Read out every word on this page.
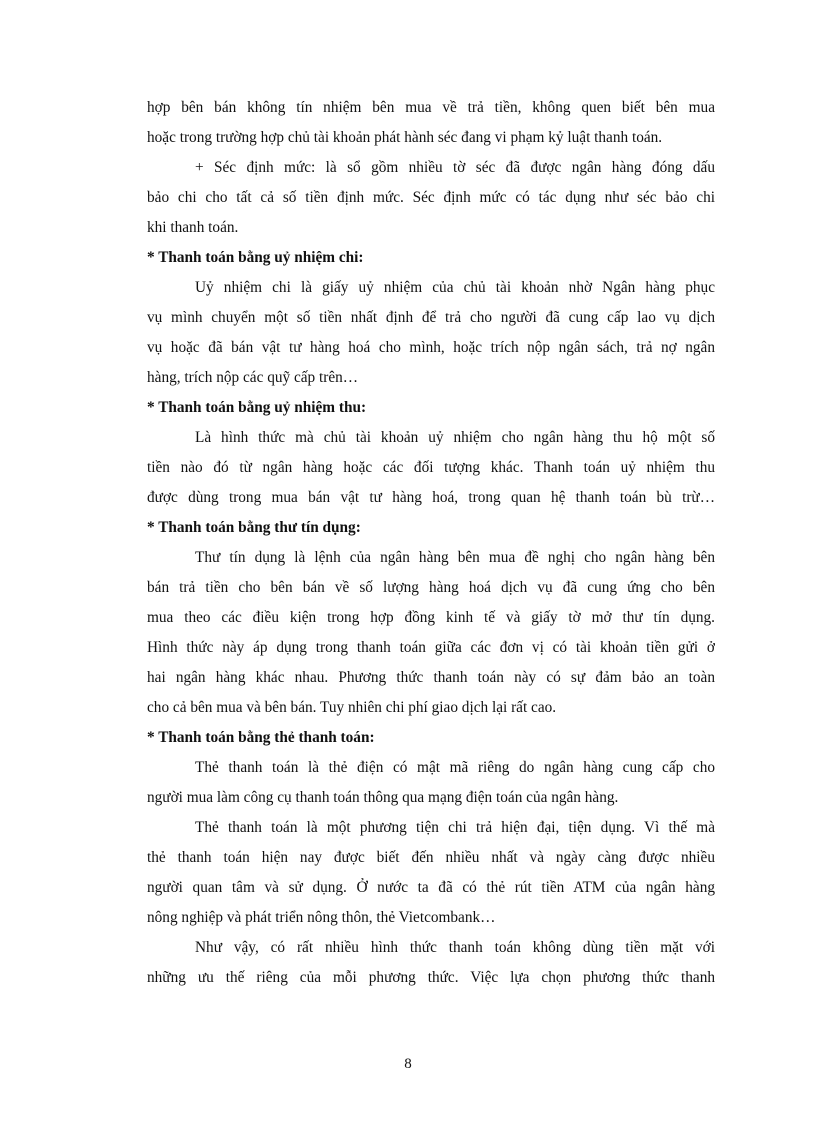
hợp bên bán không tín nhiệm bên mua về trả tiền, không quen biết bên mua
hoặc trong trường hợp chủ tài khoản phát hành séc đang vi phạm kỷ luật thanh toán.
+ Séc định mức: là sổ gồm nhiều tờ séc đã được ngân hàng đóng dấu
bảo chi cho tất cả số tiền định mức. Séc định mức có tác dụng như séc bảo chi
khi thanh toán.
* Thanh toán bằng uỷ nhiệm chi:
Uỷ nhiệm chi là giấy uỷ nhiệm của chủ tài khoản nhờ Ngân hàng phục
vụ mình chuyển một số tiền nhất định để trả cho người đã cung cấp lao vụ dịch
vụ hoặc đã bán vật tư hàng hoá cho mình, hoặc trích nộp ngân sách, trả nợ ngân
hàng, trích nộp các quỹ cấp trên…
* Thanh toán bằng uỷ nhiệm thu:
Là hình thức mà chủ tài khoản uỷ nhiệm cho ngân hàng thu hộ một số
tiền nào đó từ ngân hàng hoặc các đối tượng khác. Thanh toán uỷ nhiệm thu
được dùng trong mua bán vật tư hàng hoá, trong quan hệ thanh toán bù trừ…
* Thanh toán bằng thư tín dụng:
Thư tín dụng là lệnh của ngân hàng bên mua đề nghị cho ngân hàng bên
bán trả tiền cho bên bán về số lượng hàng hoá dịch vụ đã cung ứng cho bên
mua theo các điều kiện trong hợp đồng kinh tế và giấy tờ mở thư tín dụng.
Hình thức này áp dụng trong thanh toán giữa các đơn vị có tài khoản tiền gửi ở
hai ngân hàng khác nhau. Phương thức thanh toán này có sự đảm bảo an toàn
cho cả bên mua và bên bán. Tuy nhiên chi phí giao dịch lại rất cao.
* Thanh toán bằng thẻ thanh toán:
Thẻ thanh toán là thẻ điện có mật mã riêng do ngân hàng cung cấp cho
người mua làm công cụ thanh toán thông qua mạng điện toán của ngân hàng.
Thẻ thanh toán là một phương tiện chi trả hiện đại, tiện dụng. Vì thế mà
thẻ thanh toán hiện nay được biết đến nhiều nhất và ngày càng được nhiều
người quan tâm và sử dụng. Ở nước ta đã có thẻ rút tiền ATM của ngân hàng
nông nghiệp và phát triển nông thôn, thẻ Vietcombank…
Như vậy, có rất nhiều hình thức thanh toán không dùng tiền mặt với
những ưu thế riêng của mỗi phương thức. Việc lựa chọn phương thức thanh
8
